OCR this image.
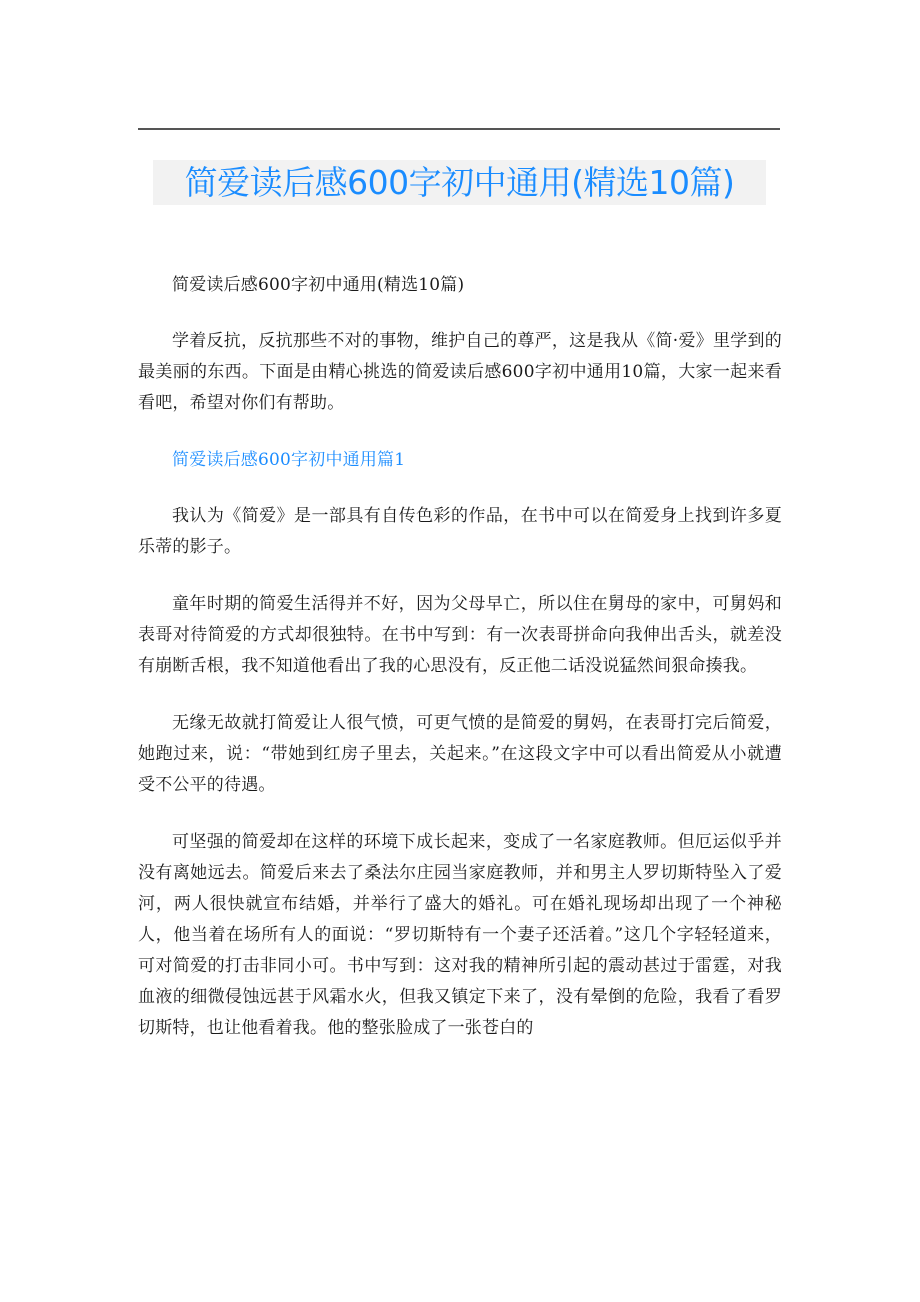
简爱读后感600字初中通用(精选10篇)

简爱读后感600字初中通用(精选10篇)

学着反抗，反抗那些不对的事物，维护自己的尊严，这是我从《简·爱》里学到的最美丽的东西。下面是由精心挑选的简爱读后感600字初中通用10篇，大家一起来看看吧，希望对你们有帮助。

简爱读后感600字初中通用篇1

我认为《简爱》是一部具有自传色彩的作品，在书中可以在简爱身上找到许多夏乐蒂的影子。

童年时期的简爱生活得并不好，因为父母早亡，所以住在舅母的家中，可舅妈和表哥对待简爱的方式却很独特。在书中写到：有一次表哥拼命向我伸出舌头，就差没有崩断舌根，我不知道他看出了我的心思没有，反正他二话没说猛然间狠命揍我。

无缘无故就打简爱让人很气愤，可更气愤的是简爱的舅妈，在表哥打完后简爱，她跑过来，说：“带她到红房子里去，关起来。”在这段文字中可以看出简爱从小就遭受不公平的待遇。

可坚强的简爱却在这样的环境下成长起来，变成了一名家庭教师。但厄运似乎并没有离她远去。简爱后来去了桑法尔庄园当家庭教师，并和男主人罗切斯特坠入了爱河，两人很快就宣布结婚，并举行了盛大的婚礼。可在婚礼现场却出现了一个神秘人，他当着在场所有人的面说：“罗切斯特有一个妻子还活着。”这几个字轻轻道来，可对简爱的打击非同小可。书中写到：这对我的精神所引起的震动甚过于雷霆，对我血液的细微侵蚀远甚于风霜水火，但我又镇定下来了，没有晕倒的危险，我看了看罗切斯特，也让他看着我。他的整张脸成了一张苍白的
